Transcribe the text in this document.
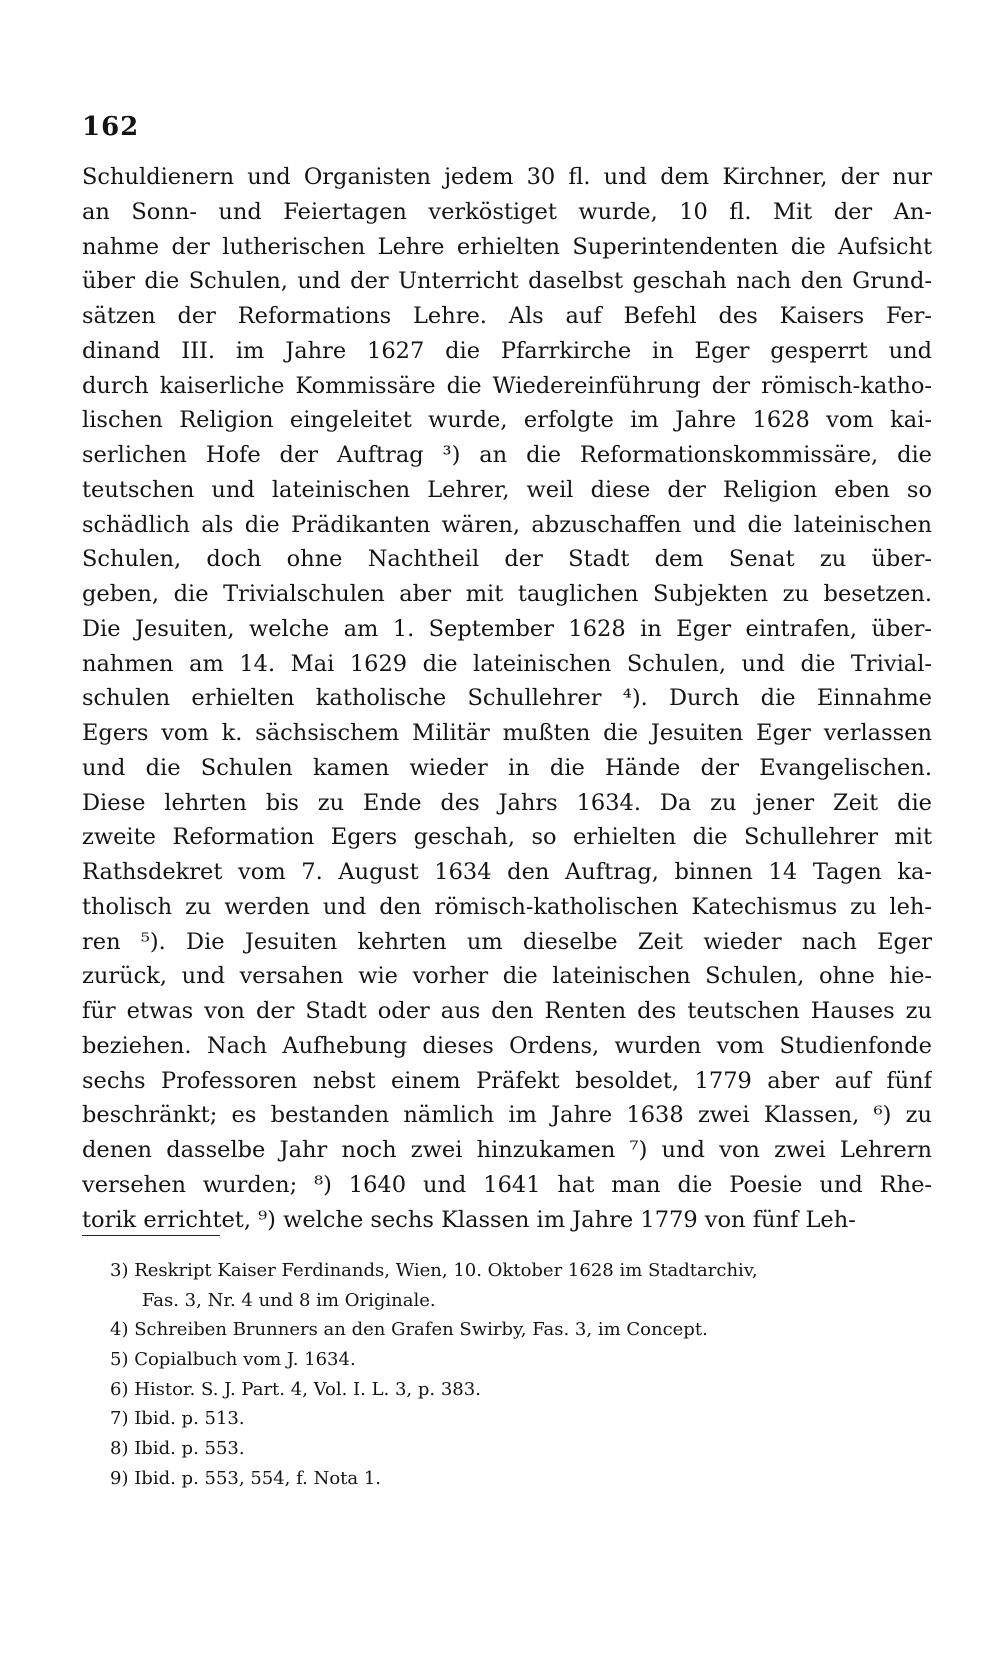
162
Schuldienern und Organisten jedem 30 fl. und dem Kirchner, der nur
an Sonn- und Feiertagen verköstiget wurde, 10 fl. Mit der An-
nahme der lutherischen Lehre erhielten Superintendenten die Aufsicht
über die Schulen, und der Unterricht daselbst geschah nach den Grund-
sätzen der Reformations Lehre. Als auf Befehl des Kaisers Fer-
dinand III. im Jahre 1627 die Pfarrkirche in Eger gesperrt und
durch kaiserliche Kommissäre die Wiedereinführung der römisch-katho-
lischen Religion eingeleitet wurde, erfolgte im Jahre 1628 vom kai-
serlichen Hofe der Auftrag ³) an die Reformationskommissäre, die
teutschen und lateinischen Lehrer, weil diese der Religion eben so
schädlich als die Prädikanten wären, abzuschaffen und die lateinischen
Schulen, doch ohne Nachtheil der Stadt dem Senat zu über-
geben, die Trivialschulen aber mit tauglichen Subjekten zu besetzen.
Die Jesuiten, welche am 1. September 1628 in Eger eintrafen, über-
nahmen am 14. Mai 1629 die lateinischen Schulen, und die Trivial-
schulen erhielten katholische Schullehrer ⁴). Durch die Einnahme
Egers vom k. sächsischem Militär mußten die Jesuiten Eger verlassen
und die Schulen kamen wieder in die Hände der Evangelischen.
Diese lehrten bis zu Ende des Jahrs 1634. Da zu jener Zeit die
zweite Reformation Egers geschah, so erhielten die Schullehrer mit
Rathsdekret vom 7. August 1634 den Auftrag, binnen 14 Tagen ka-
tholisch zu werden und den römisch-katholischen Katechismus zu leh-
ren ⁵). Die Jesuiten kehrten um dieselbe Zeit wieder nach Eger
zurück, und versahen wie vorher die lateinischen Schulen, ohne hie-
für etwas von der Stadt oder aus den Renten des teutschen Hauses zu
beziehen. Nach Aufhebung dieses Ordens, wurden vom Studienfonde
sechs Professoren nebst einem Präfekt besoldet, 1779 aber auf fünf
beschränkt; es bestanden nämlich im Jahre 1638 zwei Klassen, ⁶) zu
denen dasselbe Jahr noch zwei hinzukamen ⁷) und von zwei Lehrern
versehen wurden; ⁸) 1640 und 1641 hat man die Poesie und Rhe-
torik errichtet, ⁹) welche sechs Klassen im Jahre 1779 von fünf Leh-
3) Reskript Kaiser Ferdinands, Wien, 10. Oktober 1628 im Stadtarchiv,
Fas. 3, Nr. 4 und 8 im Originale.
4) Schreiben Brunners an den Grafen Swirby, Fas. 3, im Concept.
5) Copialbuch vom J. 1634.
6) Histor. S. J. Part. 4, Vol. I. L. 3, p. 383.
7) Ibid. p. 513.
8) Ibid. p. 553.
9) Ibid. p. 553, 554, f. Nota 1.
